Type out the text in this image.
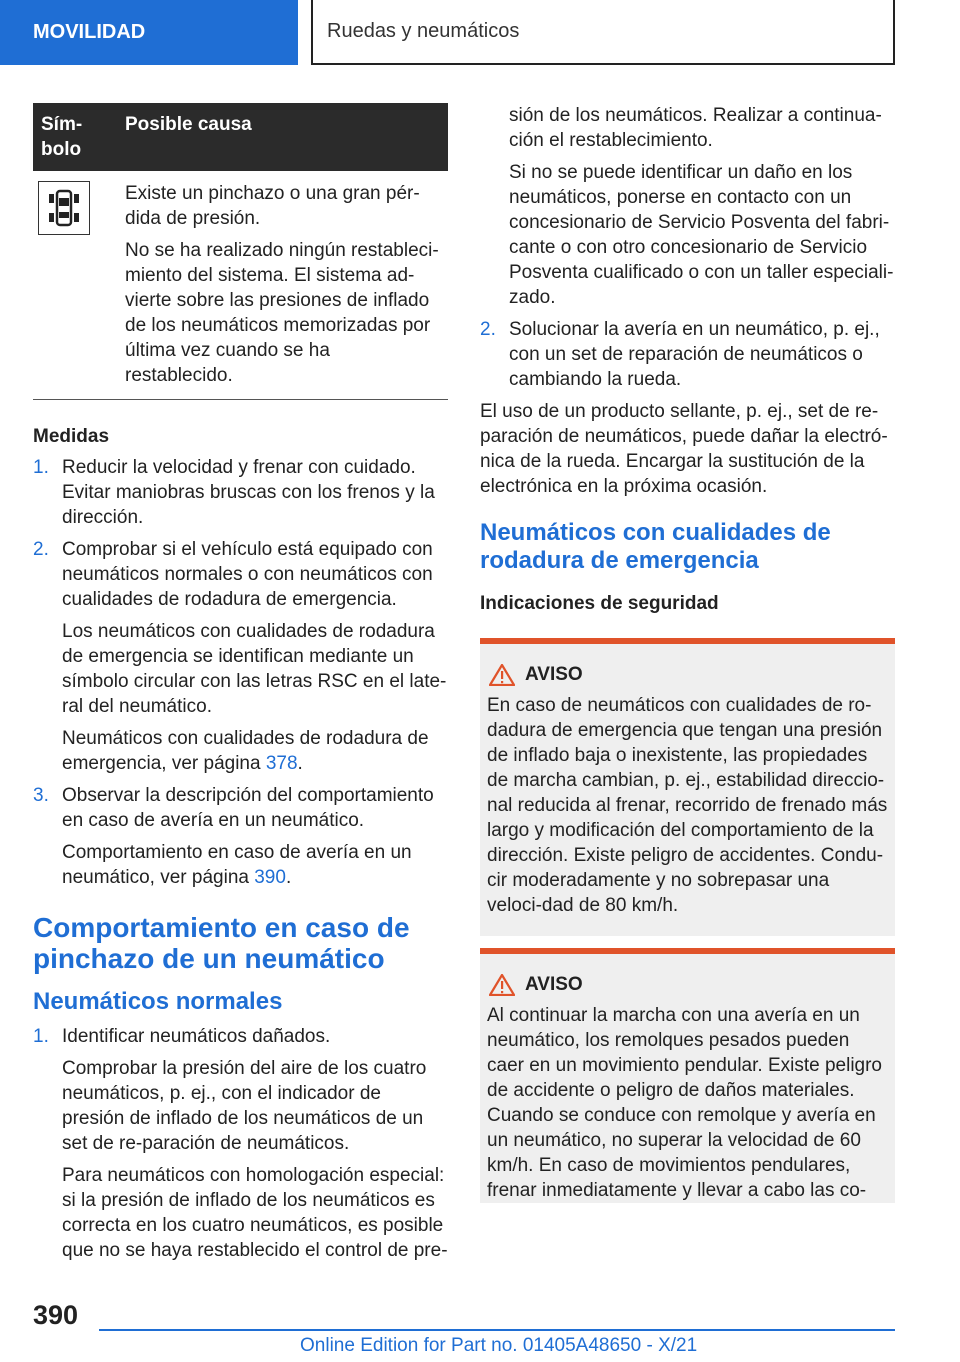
MOVILIDAD	Ruedas y neumáticos
Sím-
bolo	Posible causa

Existe un pinchazo o una gran pér-dida de presión.

No se ha realizado ningún restableci-miento del sistema. El sistema ad-vierte sobre las presiones de inflado de los neumáticos memorizadas por última vez cuando se ha restablecido.

Medidas
1. Reducir la velocidad y frenar con cuidado. Evitar maniobras bruscas con los frenos y la dirección.

2. Comprobar si el vehículo está equipado con neumáticos normales o con neumáticos con cualidades de rodadura de emergencia.

Los neumáticos con cualidades de rodadura de emergencia se identifican mediante un símbolo circular con las letras RSC en el late-ral del neumático.

Neumáticos con cualidades de rodadura de emergencia, ver página 378.

3. Observar la descripción del comportamiento en caso de avería en un neumático.

Comportamiento en caso de avería en un neumático, ver página 390.

Comportamiento en caso de pinchazo de un neumático
Neumáticos normales
1. Identificar neumáticos dañados.

Comprobar la presión del aire de los cuatro neumáticos, p. ej., con el indicador de presión de inflado de los neumáticos de un set de re-paración de neumáticos.

Para neumáticos con homologación especial: si la presión de inflado de los neumáticos es correcta en los cuatro neumáticos, es posible que no se haya restablecido el control de pre-

sión de los neumáticos. Realizar a continua-ción el restablecimiento.

Si no se puede identificar un daño en los neumáticos, ponerse en contacto con un concesionario de Servicio Posventa del fabri-cante o con otro concesionario de Servicio Posventa cualificado o con un taller especiali-zado.

2. Solucionar la avería en un neumático, p. ej., con un set de reparación de neumáticos o cambiando la rueda.

El uso de un producto sellante, p. ej., set de re-paración de neumáticos, puede dañar la electró-nica de la rueda. Encargar la sustitución de la electrónica en la próxima ocasión.

Neumáticos con cualidades de rodadura de emergencia
Indicaciones de seguridad
AVISO
En caso de neumáticos con cualidades de ro-dadura de emergencia que tengan una presión de inflado baja o inexistente, las propiedades de marcha cambian, p. ej., estabilidad direccio-nal reducida al frenar, recorrido de frenado más largo y modificación del comportamiento de la dirección. Existe peligro de accidentes. Condu-cir moderadamente y no sobrepasar una veloci-dad de 80 km/h.
AVISO
Al continuar la marcha con una avería en un neumático, los remolques pesados pueden caer en un movimiento pendular. Existe peligro de accidente o peligro de daños materiales. Cuando se conduce con remolque y avería en un neumático, no superar la velocidad de 60 km/h. En caso de movimientos pendulares, frenar inmediatamente y llevar a cabo las co-
390
Online Edition for Part no. 01405A48650 - X/21
